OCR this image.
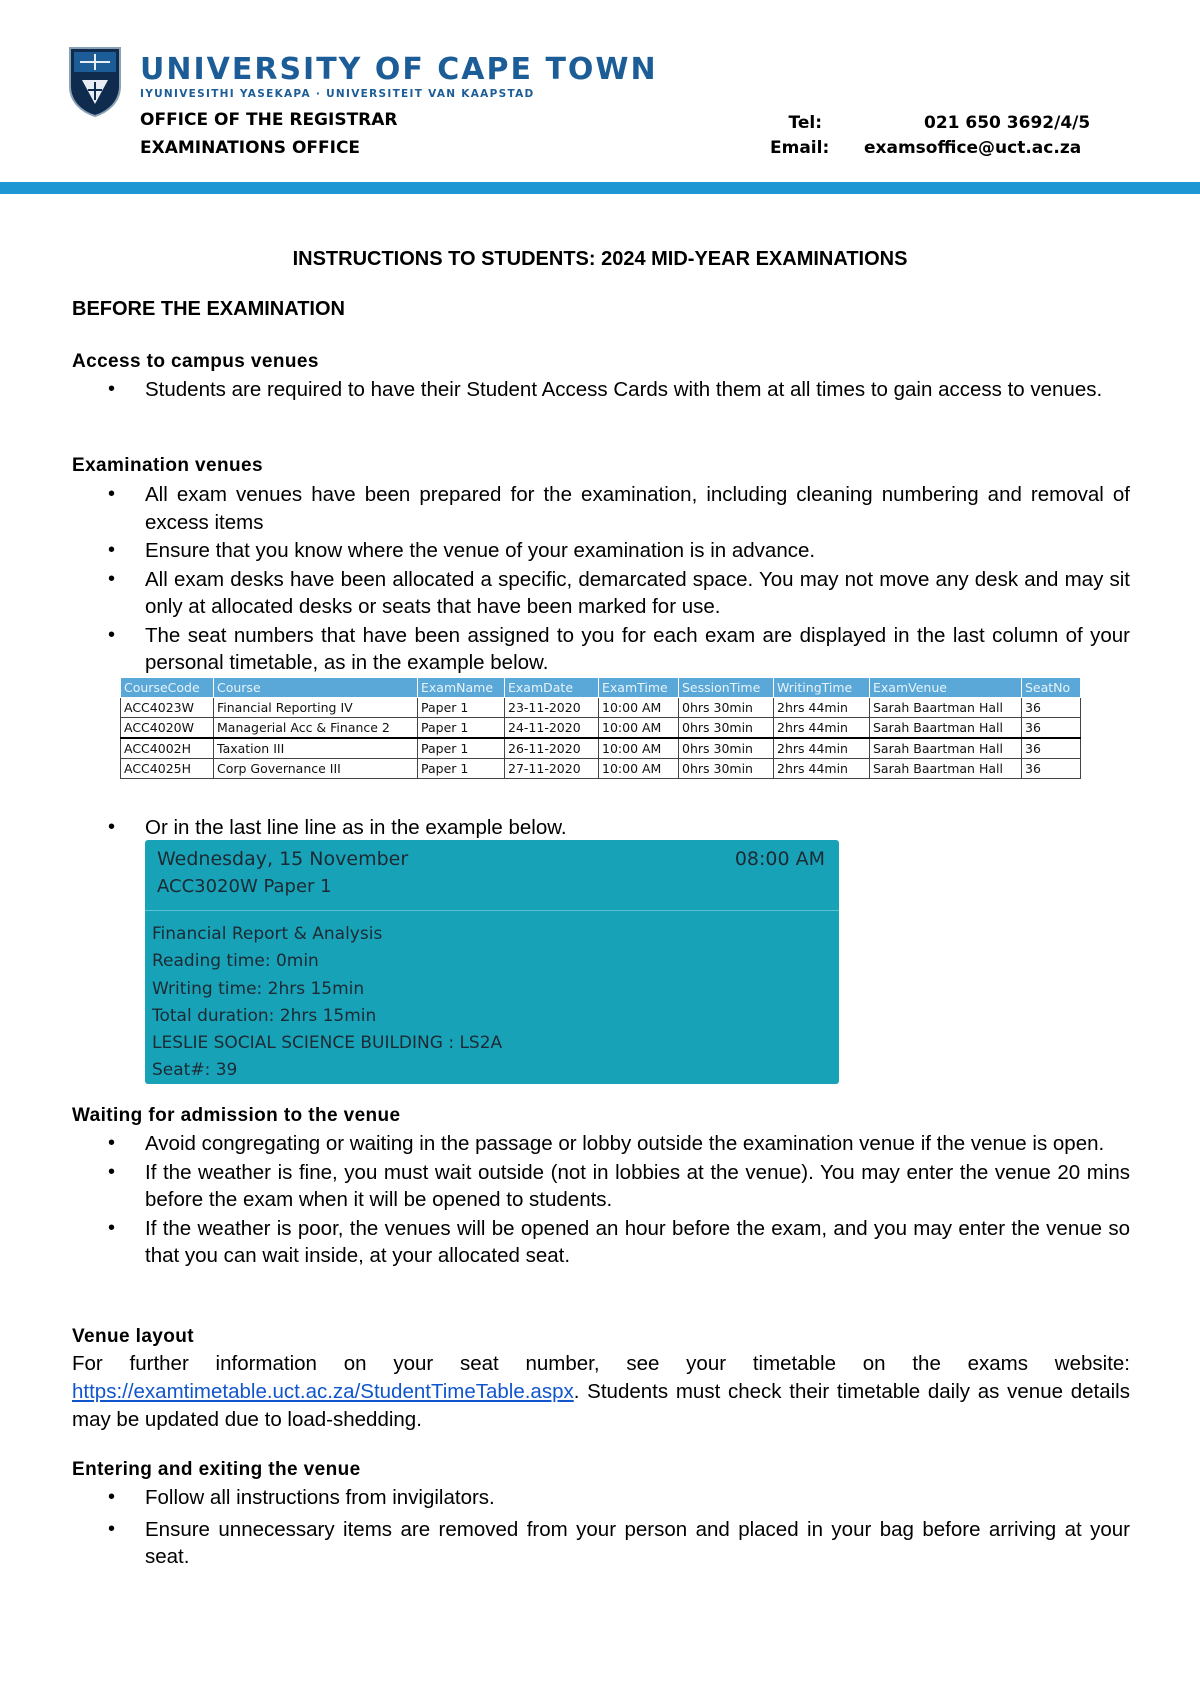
UNIVERSITY OF CAPE TOWN
IYUNIVESITHI YASEKAPA · UNIVERSITEIT VAN KAAPSTAD
OFFICE OF THE REGISTRAR
EXAMINATIONS OFFICE
Tel:	021 650 3692/4/5
Email: examsoffice@uct.ac.za
INSTRUCTIONS TO STUDENTS: 2024 MID-YEAR EXAMINATIONS
BEFORE THE EXAMINATION
Access to campus venues
• Students are required to have their Student Access Cards with them at all times to gain access to venues.
Examination venues
• All exam venues have been prepared for the examination, including cleaning numbering and removal of excess items
• Ensure that you know where the venue of your examination is in advance.
• All exam desks have been allocated a specific, demarcated space. You may not move any desk and may sit only at allocated desks or seats that have been marked for use.
• The seat numbers that have been assigned to you for each exam are displayed in the last column of your personal timetable, as in the example below.
CourseCode	Course	ExamName	ExamDate	ExamTime	SessionTime	WritingTime	ExamVenue	SeatNo
ACC4023W	Financial Reporting IV	Paper 1	23-11-2020	10:00 AM	0hrs 30min	2hrs 44min	Sarah Baartman Hall	36
ACC4020W	Managerial Acc & Finance 2	Paper 1	24-11-2020	10:00 AM	0hrs 30min	2hrs 44min	Sarah Baartman Hall	36
ACC4002H	Taxation III	Paper 1	26-11-2020	10:00 AM	0hrs 30min	2hrs 44min	Sarah Baartman Hall	36
ACC4025H	Corp Governance III	Paper 1	27-11-2020	10:00 AM	0hrs 30min	2hrs 44min	Sarah Baartman Hall	36
• Or in the last line line as in the example below.
Wednesday, 15 November	08:00 AM
ACC3020W Paper 1
Financial Report & Analysis
Reading time: 0min
Writing time: 2hrs 15min
Total duration: 2hrs 15min
LESLIE SOCIAL SCIENCE BUILDING : LS2A
Seat#: 39
Waiting for admission to the venue
• Avoid congregating or waiting in the passage or lobby outside the examination venue if the venue is open.
• If the weather is fine, you must wait outside (not in lobbies at the venue). You may enter the venue 20 mins before the exam when it will be opened to students.
• If the weather is poor, the venues will be opened an hour before the exam, and you may enter the venue so that you can wait inside, at your allocated seat.
Venue layout
For further information on your seat number, see your timetable on the exams website: https://examtimetable.uct.ac.za/StudentTimeTable.aspx. Students must check their timetable daily as venue details may be updated due to load-shedding.
Entering and exiting the venue
• Follow all instructions from invigilators.
• Ensure unnecessary items are removed from your person and placed in your bag before arriving at your seat.
